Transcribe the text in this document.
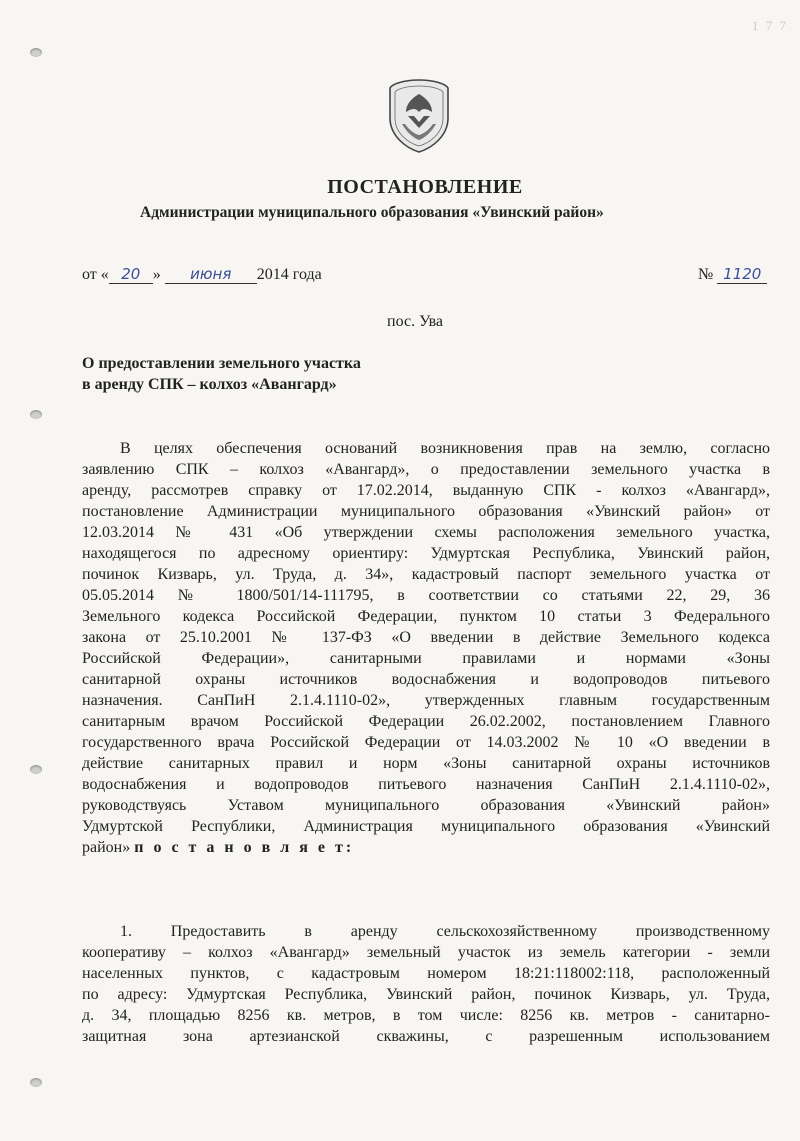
1 7 7
ПОСТАНОВЛЕНИЕ
Администрации муниципального образования «Увинский район»
от « 20 » июня 2014 года	№ 1120
пос. Ува
О предоставлении земельного участка
в аренду СПК – колхоз «Авангард»
В целях обеспечения оснований возникновения прав на землю, согласно
заявлению СПК – колхоз «Авангард», о предоставлении земельного участка в
аренду, рассмотрев справку от 17.02.2014, выданную СПК - колхоз «Авангард»,
постановление Администрации муниципального образования «Увинский район» от
12.03.2014 № 431 «Об утверждении схемы расположения земельного участка,
находящегося по адресному ориентиру: Удмуртская Республика, Увинский район,
починок Кизварь, ул. Труда, д. 34», кадастровый паспорт земельного участка от
05.05.2014 № 1800/501/14-111795, в соответствии со статьями 22, 29, 36
Земельного кодекса Российской Федерации, пунктом 10 статьи 3 Федерального
закона от 25.10.2001 № 137-ФЗ «О введении в действие Земельного кодекса
Российской Федерации», санитарными правилами и нормами «Зоны
санитарной охраны источников водоснабжения и водопроводов питьевого
назначения. СанПиН 2.1.4.1110-02», утвержденных главным государственным
санитарным врачом Российской Федерации 26.02.2002, постановлением Главного
государственного врача Российской Федерации от 14.03.2002 № 10 «О введении в
действие санитарных правил и норм «Зоны санитарной охраны источников
водоснабжения и водопроводов питьевого назначения СанПиН 2.1.4.1110-02»,
руководствуясь Уставом муниципального образования «Увинский район»
Удмуртской Республики, Администрация муниципального образования «Увинский
район» п о с т а н о в л я е т:
1. Предоставить в аренду сельскохозяйственному производственному
кооперативу – колхоз «Авангард» земельный участок из земель категории - земли
населенных пунктов, с кадастровым номером 18:21:118002:118, расположенный
по адресу: Удмуртская Республика, Увинский район, починок Кизварь, ул. Труда,
д. 34, площадью 8256 кв. метров, в том числе: 8256 кв. метров - санитарно-
защитная зона артезианской скважины, с разрешенным использованием
